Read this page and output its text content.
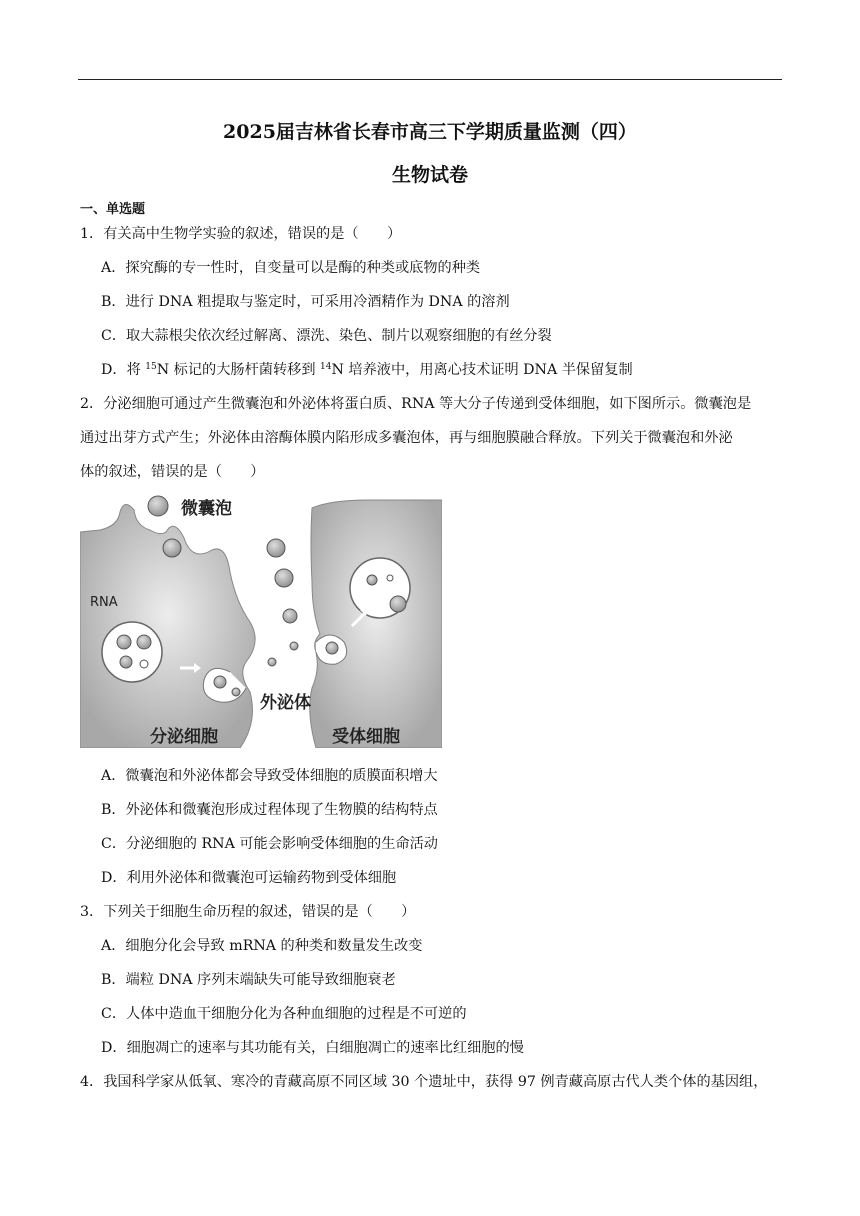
2025届吉林省长春市高三下学期质量监测（四）
生物试卷
一、单选题
1．有关高中生物学实验的叙述，错误的是（　　）
A．探究酶的专一性时，自变量可以是酶的种类或底物的种类
B．进行 DNA 粗提取与鉴定时，可采用冷酒精作为 DNA 的溶剂
C．取大蒜根尖依次经过解离、漂洗、染色、制片以观察细胞的有丝分裂
D．将 $^{15}$N 标记的大肠杆菌转移到 $^{14}$N 培养液中，用离心技术证明 DNA 半保留复制
2．分泌细胞可通过产生微囊泡和外泌体将蛋白质、RNA 等大分子传递到受体细胞，如下图所示。微囊泡是
通过出芽方式产生；外泌体由溶酶体膜内陷形成多囊泡体，再与细胞膜融合释放。下列关于微囊泡和外泌
体的叙述，错误的是（　　）
微囊泡
RNA
外泌体
分泌细胞	受体细胞
A．微囊泡和外泌体都会导致受体细胞的质膜面积增大
B．外泌体和微囊泡形成过程体现了生物膜的结构特点
C．分泌细胞的 RNA 可能会影响受体细胞的生命活动
D．利用外泌体和微囊泡可运输药物到受体细胞
3．下列关于细胞生命历程的叙述，错误的是（　　）
A．细胞分化会导致 mRNA 的种类和数量发生改变
B．端粒 DNA 序列末端缺失可能导致细胞衰老
C．人体中造血干细胞分化为各种血细胞的过程是不可逆的
D．细胞凋亡的速率与其功能有关，白细胞凋亡的速率比红细胞的慢
4．我国科学家从低氧、寒冷的青藏高原不同区域 30 个遗址中，获得 97 例青藏高原古代人类个体的基因组，
